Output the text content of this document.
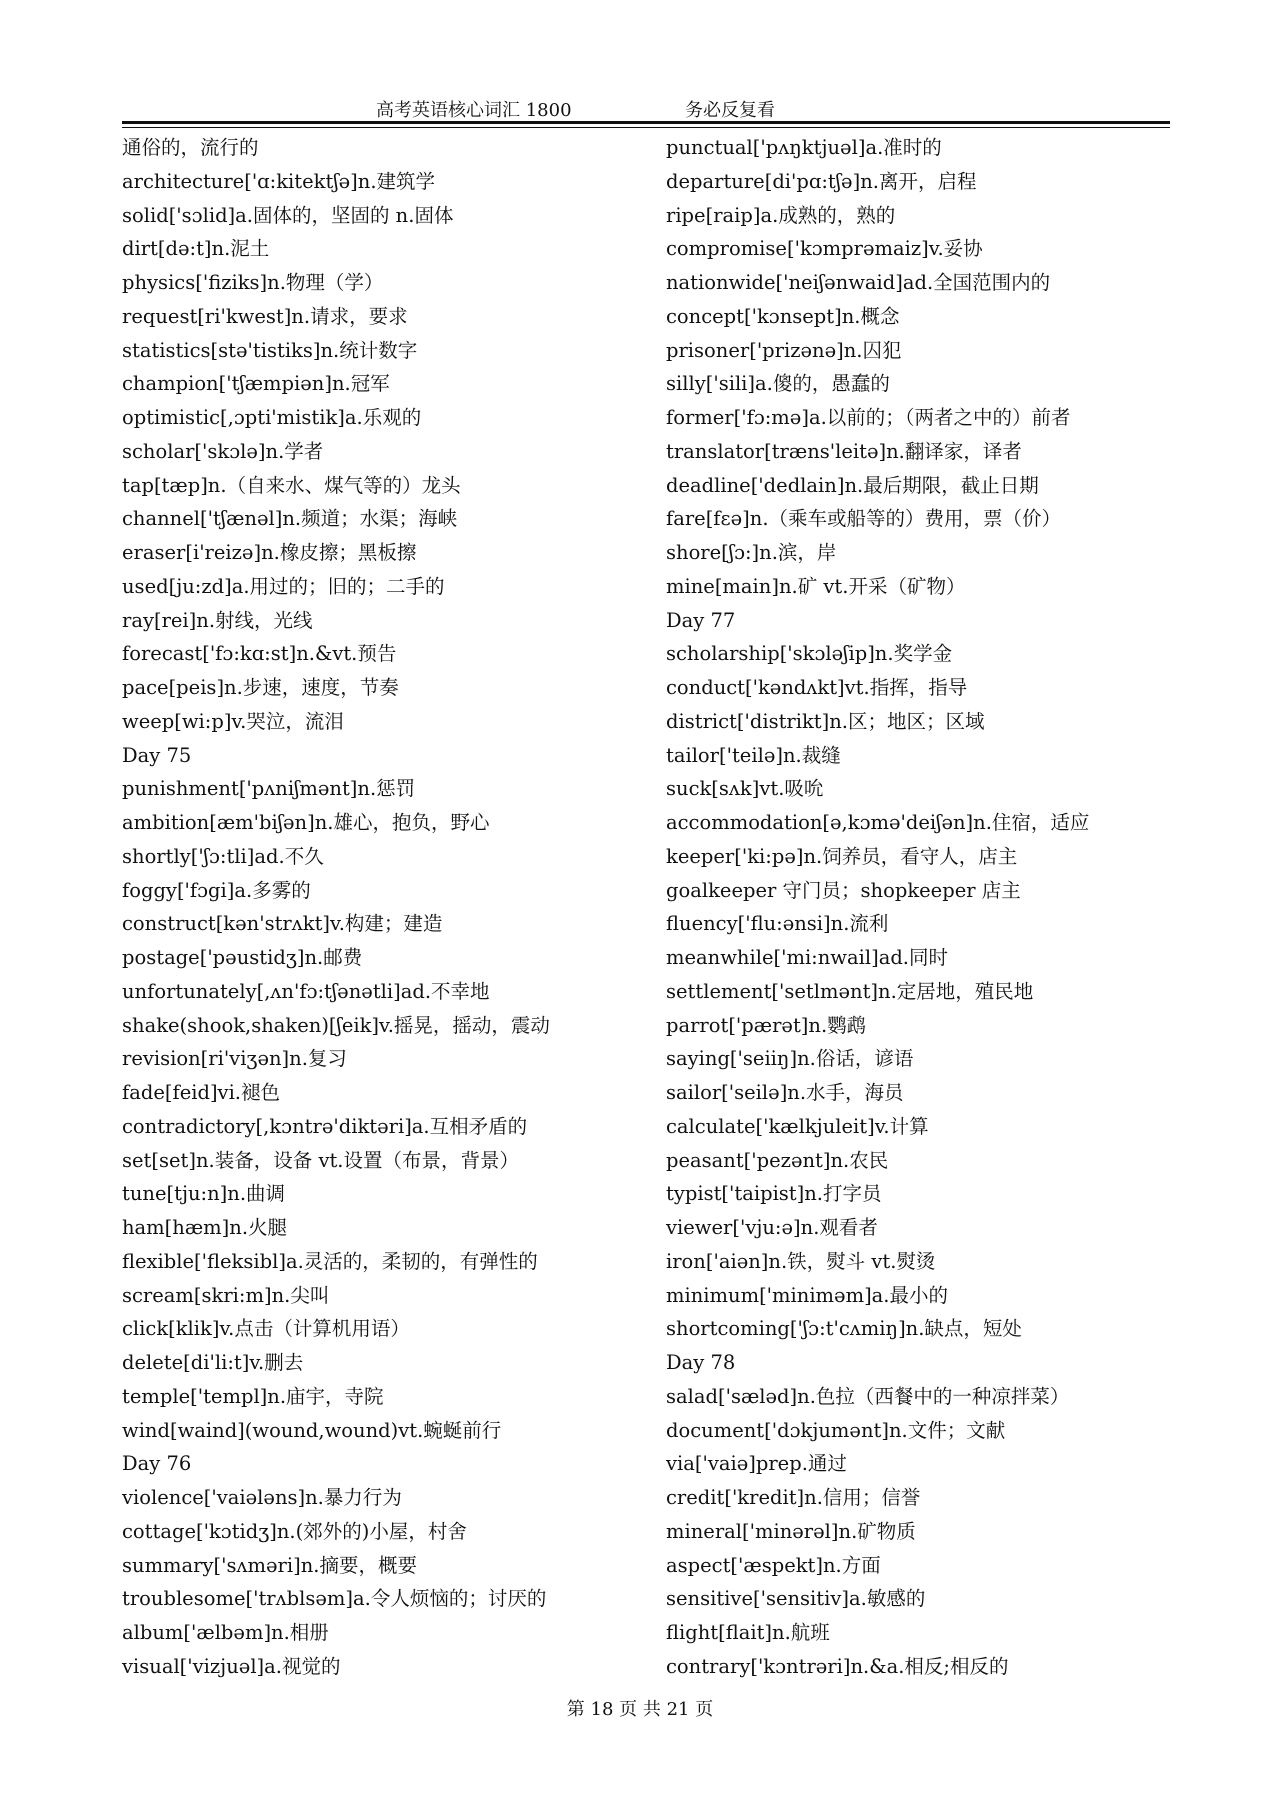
高考英语核心词汇 1800	务必反复看
通俗的，流行的
architecture['ɑ:kitektʃə]n.建筑学
solid['sɔlid]a.固体的，坚固的 n.固体
dirt[də:t]n.泥土
physics['fiziks]n.物理（学）
request[ri'kwest]n.请求，要求
statistics[stə'tistiks]n.统计数字
champion['tʃæmpiən]n.冠军
optimistic[,ɔpti'mistik]a.乐观的
scholar['skɔlə]n.学者
tap[tæp]n.（自来水、煤气等的）龙头
channel['tʃænəl]n.频道；水渠；海峡
eraser[i'reizə]n.橡皮擦；黑板擦
used[ju:zd]a.用过的；旧的；二手的
ray[rei]n.射线，光线
forecast['fɔ:kɑ:st]n.&vt.预告
pace[peis]n.步速，速度，节奏
weep[wi:p]v.哭泣，流泪
Day 75
punishment['pʌniʃmənt]n.惩罚
ambition[æm'biʃən]n.雄心，抱负，野心
shortly['ʃɔ:tli]ad.不久
foggy['fɔgi]a.多雾的
construct[kən'strʌkt]v.构建；建造
postage['pəustidʒ]n.邮费
unfortunately[,ʌn'fɔ:tʃənətli]ad.不幸地
shake(shook,shaken)[ʃeik]v.摇晃，摇动，震动
revision[ri'viʒən]n.复习
fade[feid]vi.褪色
contradictory[,kɔntrə'diktəri]a.互相矛盾的
set[set]n.装备，设备 vt.设置（布景，背景）
tune[tju:n]n.曲调
ham[hæm]n.火腿
flexible['fleksibl]a.灵活的，柔韧的，有弹性的
scream[skri:m]n.尖叫
click[klik]v.点击（计算机用语）
delete[di'li:t]v.删去
temple['templ]n.庙宇，寺院
wind[waind](wound,wound)vt.蜿蜒前行
Day 76
violence['vaiələns]n.暴力行为
cottage['kɔtidʒ]n.(郊外的)小屋，村舍
summary['sʌməri]n.摘要，概要
troublesome['trʌblsəm]a.令人烦恼的；讨厌的
album['ælbəm]n.相册
visual['vizjuəl]a.视觉的
punctual['pʌŋktjuəl]a.准时的
departure[di'pɑ:tʃə]n.离开，启程
ripe[raip]a.成熟的，熟的
compromise['kɔmprəmaiz]v.妥协
nationwide['neiʃənwaid]ad.全国范围内的
concept['kɔnsept]n.概念
prisoner['prizənə]n.囚犯
silly['sili]a.傻的，愚蠢的
former['fɔ:mə]a.以前的；（两者之中的）前者
translator[træns'leitə]n.翻译家，译者
deadline['dedlain]n.最后期限，截止日期
fare[fɛə]n.（乘车或船等的）费用，票（价）
shore[ʃɔ:]n.滨，岸
mine[main]n.矿 vt.开采（矿物）
Day 77
scholarship['skɔləʃip]n.奖学金
conduct['kəndʌkt]vt.指挥，指导
district['distrikt]n.区；地区；区域
tailor['teilə]n.裁缝
suck[sʌk]vt.吸吮
accommodation[ə,kɔmə'deiʃən]n.住宿，适应
keeper['ki:pə]n.饲养员，看守人，店主
goalkeeper 守门员；shopkeeper 店主
fluency['flu:ənsi]n.流利
meanwhile['mi:nwail]ad.同时
settlement['setlmənt]n.定居地，殖民地
parrot['pærət]n.鹦鹉
saying['seiiŋ]n.俗话，谚语
sailor['seilə]n.水手，海员
calculate['kælkjuleit]v.计算
peasant['pezənt]n.农民
typist['taipist]n.打字员
viewer['vju:ə]n.观看者
iron['aiən]n.铁，熨斗 vt.熨烫
minimum['miniməm]a.最小的
shortcoming['ʃɔ:t'cʌmiŋ]n.缺点，短处
Day 78
salad['sæləd]n.色拉（西餐中的一种凉拌菜）
document['dɔkjumənt]n.文件；文献
via['vaiə]prep.通过
credit['kredit]n.信用；信誉
mineral['minərəl]n.矿物质
aspect['æspekt]n.方面
sensitive['sensitiv]a.敏感的
flight[flait]n.航班
contrary['kɔntrəri]n.&a.相反;相反的
第 18 页 共 21 页
